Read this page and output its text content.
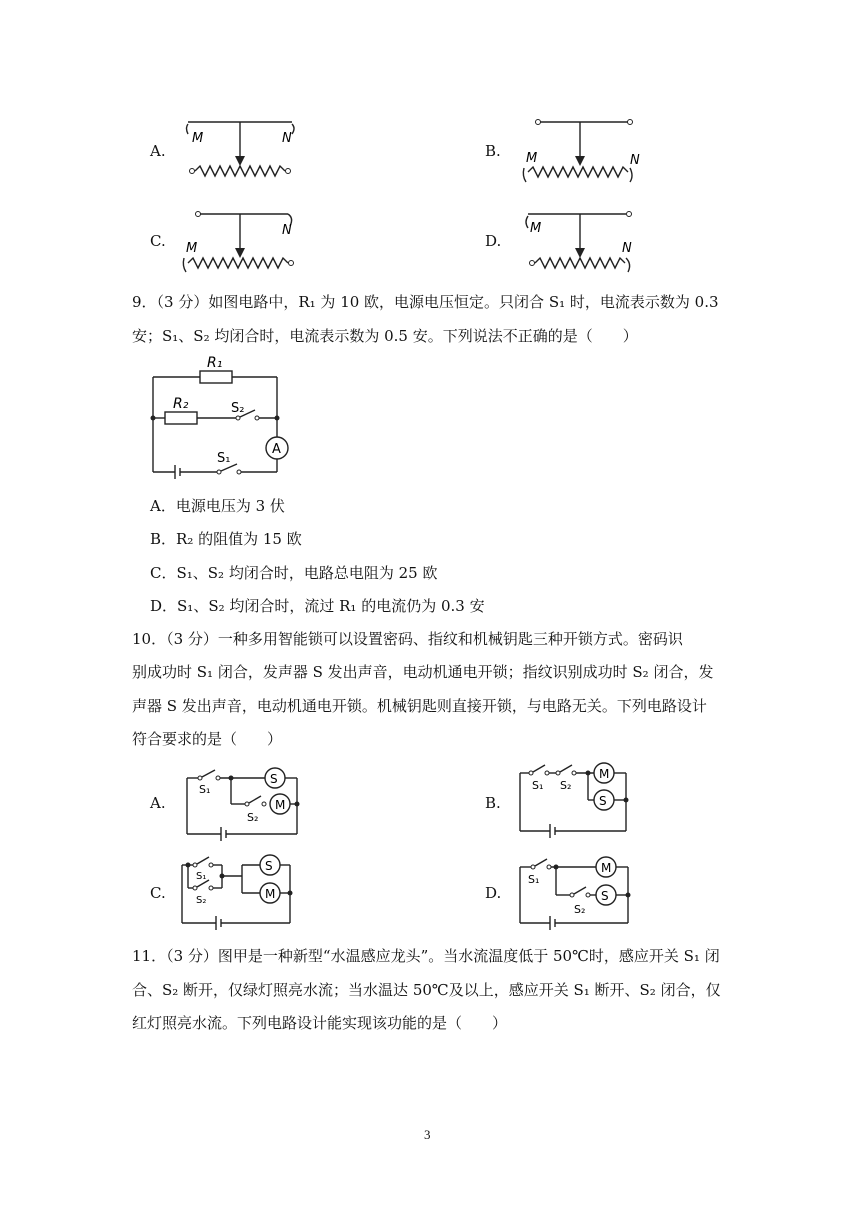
A.
M	N
B. M	N
C.
N
M	D.
M
N
9．（3 分）如图电路中，R₁ 为 10 欧，电源电压恒定。只闭合 S₁ 时，电流表示数为 0.3
安；S₁、S₂ 均闭合时，电流表示数为 0.5 安。下列说法不正确的是（　　）
A
R₁
R₂	S₂
S₁
A．电源电压为 3 伏
B．R₂ 的阻值为 15 欧
C．S₁、S₂ 均闭合时，电路总电阻为 25 欧
D．S₁、S₂ 均闭合时，流过 R₁ 的电流仍为 0.3 安
10．（3 分）一种多用智能锁可以设置密码、指纹和机械钥匙三种开锁方式。密码识
别成功时 S₁ 闭合，发声器 S 发出声音，电动机通电开锁；指纹识别成功时 S₂ 闭合，发
声器 S 发出声音，电动机通电开锁。机械钥匙则直接开锁，与电路无关。下列电路设计
符合要求的是（　　）
A.
S
M
S₁
S₂
B.
M
S
S₁ S₂
C.
S
M
S₁
S₂	D.
M
S
S₁
S₂
11．（3 分）图甲是一种新型“水温感应龙头”。当水流温度低于 50℃时，感应开关 S₁ 闭
合、S₂ 断开，仅绿灯照亮水流；当水温达 50℃及以上，感应开关 S₁ 断开、S₂ 闭合，仅
红灯照亮水流。下列电路设计能实现该功能的是（　　）
3
